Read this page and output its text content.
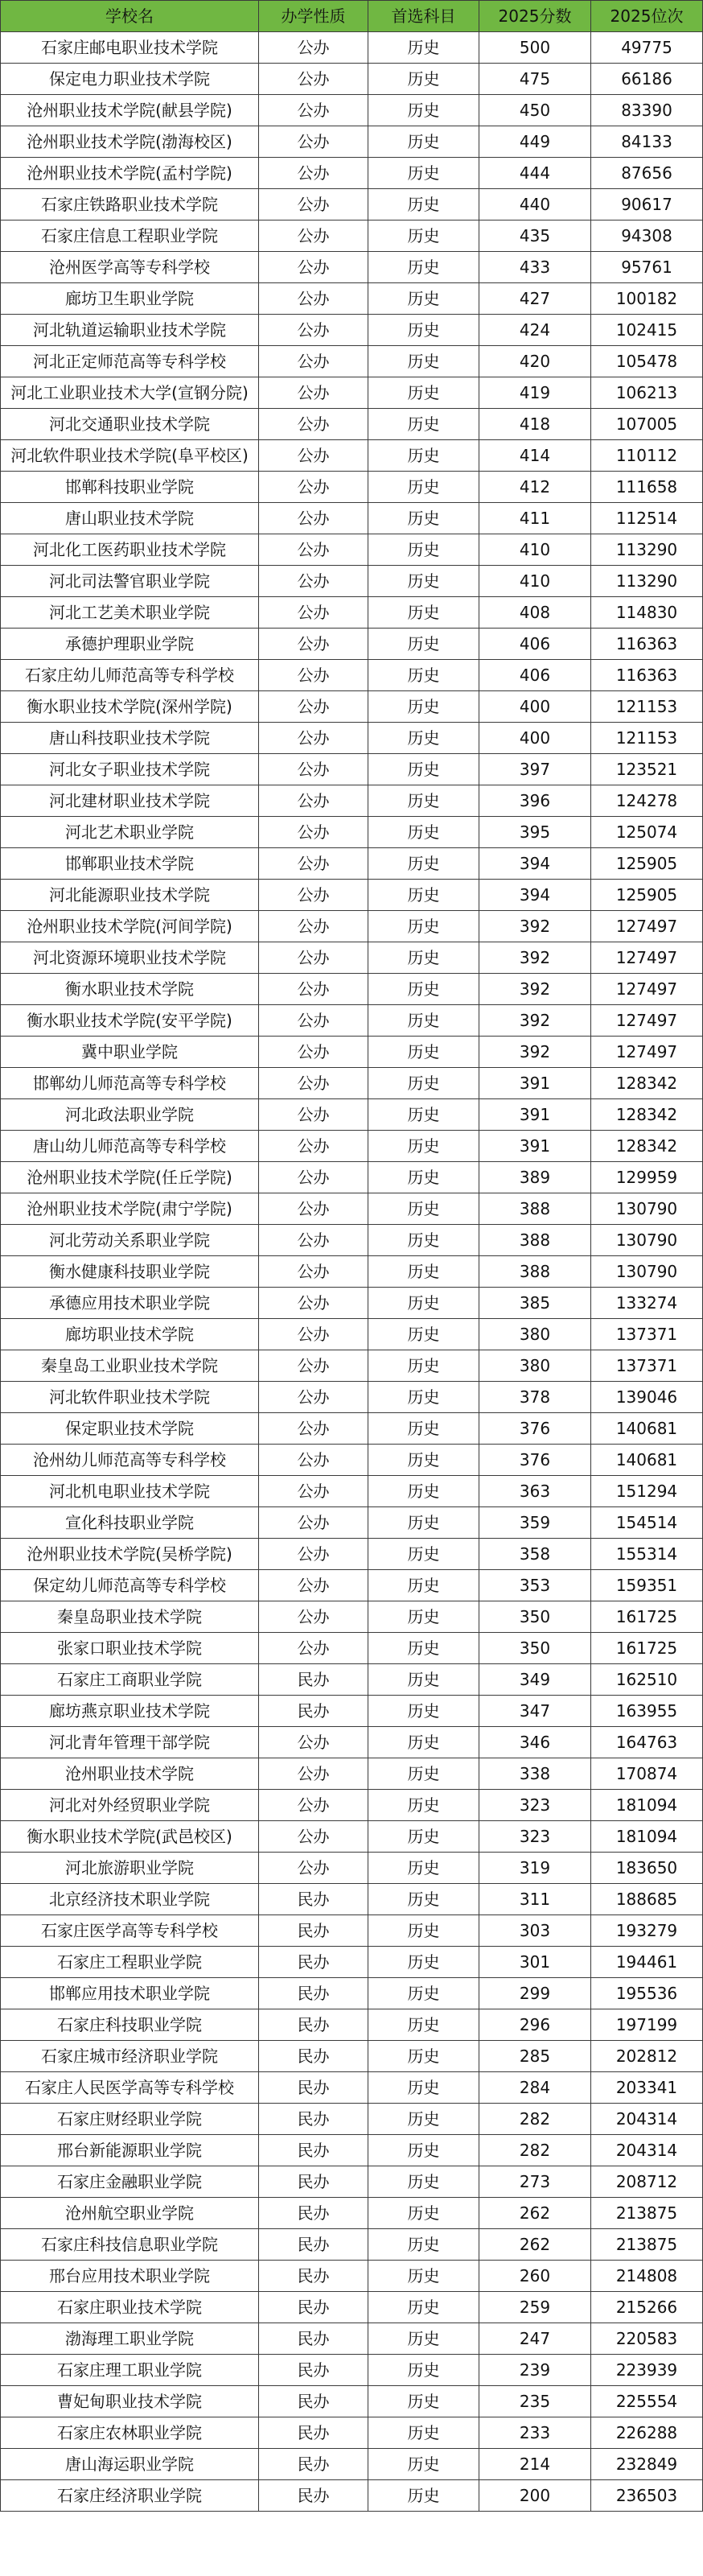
学校名	办学性质	首选科目	2025分数	2025位次
石家庄邮电职业技术学院	公办	历史	500	49775
保定电力职业技术学院	公办	历史	475	66186
沧州职业技术学院(献县学院)	公办	历史	450	83390
沧州职业技术学院(渤海校区)	公办	历史	449	84133
沧州职业技术学院(孟村学院)	公办	历史	444	87656
石家庄铁路职业技术学院	公办	历史	440	90617
石家庄信息工程职业学院	公办	历史	435	94308
沧州医学高等专科学校	公办	历史	433	95761
廊坊卫生职业学院	公办	历史	427	100182
河北轨道运输职业技术学院	公办	历史	424	102415
河北正定师范高等专科学校	公办	历史	420	105478
河北工业职业技术大学(宣钢分院)	公办	历史	419	106213
河北交通职业技术学院	公办	历史	418	107005
河北软件职业技术学院(阜平校区)	公办	历史	414	110112
邯郸科技职业学院	公办	历史	412	111658
唐山职业技术学院	公办	历史	411	112514
河北化工医药职业技术学院	公办	历史	410	113290
河北司法警官职业学院	公办	历史	410	113290
河北工艺美术职业学院	公办	历史	408	114830
承德护理职业学院	公办	历史	406	116363
石家庄幼儿师范高等专科学校	公办	历史	406	116363
衡水职业技术学院(深州学院)	公办	历史	400	121153
唐山科技职业技术学院	公办	历史	400	121153
河北女子职业技术学院	公办	历史	397	123521
河北建材职业技术学院	公办	历史	396	124278
河北艺术职业学院	公办	历史	395	125074
邯郸职业技术学院	公办	历史	394	125905
河北能源职业技术学院	公办	历史	394	125905
沧州职业技术学院(河间学院)	公办	历史	392	127497
河北资源环境职业技术学院	公办	历史	392	127497
衡水职业技术学院	公办	历史	392	127497
衡水职业技术学院(安平学院)	公办	历史	392	127497
冀中职业学院	公办	历史	392	127497
邯郸幼儿师范高等专科学校	公办	历史	391	128342
河北政法职业学院	公办	历史	391	128342
唐山幼儿师范高等专科学校	公办	历史	391	128342
沧州职业技术学院(任丘学院)	公办	历史	389	129959
沧州职业技术学院(肃宁学院)	公办	历史	388	130790
河北劳动关系职业学院	公办	历史	388	130790
衡水健康科技职业学院	公办	历史	388	130790
承德应用技术职业学院	公办	历史	385	133274
廊坊职业技术学院	公办	历史	380	137371
秦皇岛工业职业技术学院	公办	历史	380	137371
河北软件职业技术学院	公办	历史	378	139046
保定职业技术学院	公办	历史	376	140681
沧州幼儿师范高等专科学校	公办	历史	376	140681
河北机电职业技术学院	公办	历史	363	151294
宣化科技职业学院	公办	历史	359	154514
沧州职业技术学院(吴桥学院)	公办	历史	358	155314
保定幼儿师范高等专科学校	公办	历史	353	159351
秦皇岛职业技术学院	公办	历史	350	161725
张家口职业技术学院	公办	历史	350	161725
石家庄工商职业学院	民办	历史	349	162510
廊坊燕京职业技术学院	民办	历史	347	163955
河北青年管理干部学院	公办	历史	346	164763
沧州职业技术学院	公办	历史	338	170874
河北对外经贸职业学院	公办	历史	323	181094
衡水职业技术学院(武邑校区)	公办	历史	323	181094
河北旅游职业学院	公办	历史	319	183650
北京经济技术职业学院	民办	历史	311	188685
石家庄医学高等专科学校	民办	历史	303	193279
石家庄工程职业学院	民办	历史	301	194461
邯郸应用技术职业学院	民办	历史	299	195536
石家庄科技职业学院	民办	历史	296	197199
石家庄城市经济职业学院	民办	历史	285	202812
石家庄人民医学高等专科学校	民办	历史	284	203341
石家庄财经职业学院	民办	历史	282	204314
邢台新能源职业学院	民办	历史	282	204314
石家庄金融职业学院	民办	历史	273	208712
沧州航空职业学院	民办	历史	262	213875
石家庄科技信息职业学院	民办	历史	262	213875
邢台应用技术职业学院	民办	历史	260	214808
石家庄职业技术学院	民办	历史	259	215266
渤海理工职业学院	民办	历史	247	220583
石家庄理工职业学院	民办	历史	239	223939
曹妃甸职业技术学院	民办	历史	235	225554
石家庄农林职业学院	民办	历史	233	226288
唐山海运职业学院	民办	历史	214	232849
石家庄经济职业学院	民办	历史	200	236503
